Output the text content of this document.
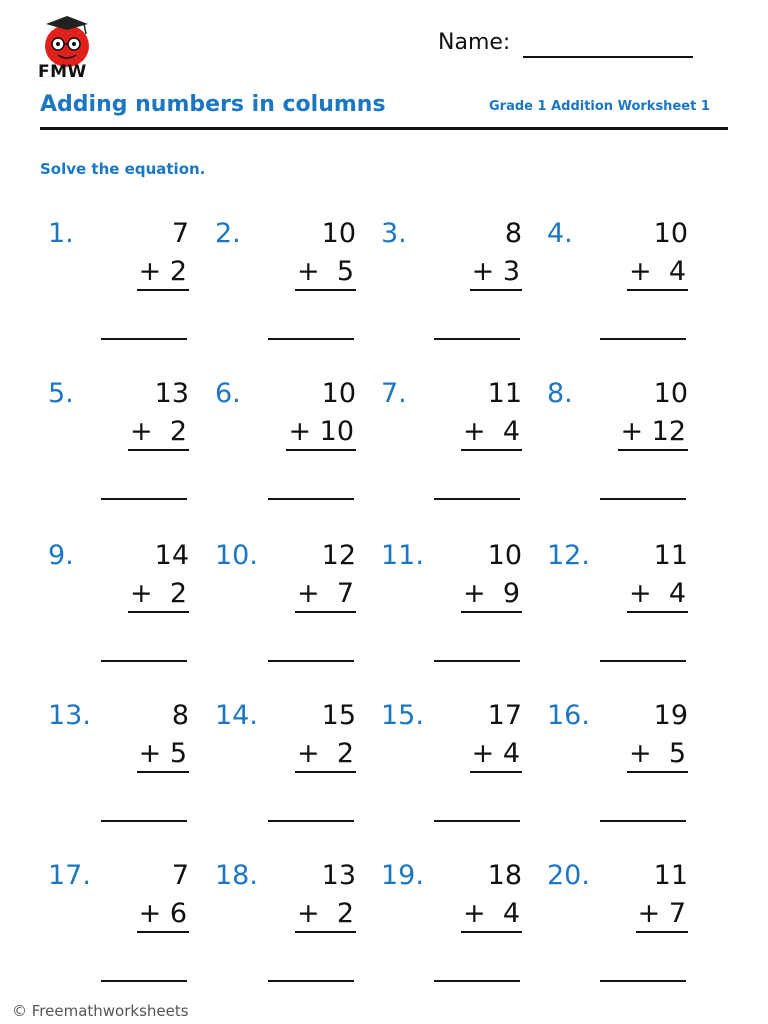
FMW
Name:
Adding numbers in columns	Grade 1 Addition Worksheet 1
Solve the equation.
1.	7
+ 2
2.	10
+  5
3.	8
+ 3
4.	10
+  4
5.	13
+  2
6.	10
+ 10
7.	11
+  4
8.	10
+ 12
9.	14
+  2
10. 12
+  7
11. 10
+  9
12. 11
+  4
13.	8
+ 5
14. 15
+  2
15. 17
+ 4
16. 19
+  5
17.	7
+ 6
18. 13
+  2
19. 18
+  4
20. 11
+ 7
© Freemathworksheets
